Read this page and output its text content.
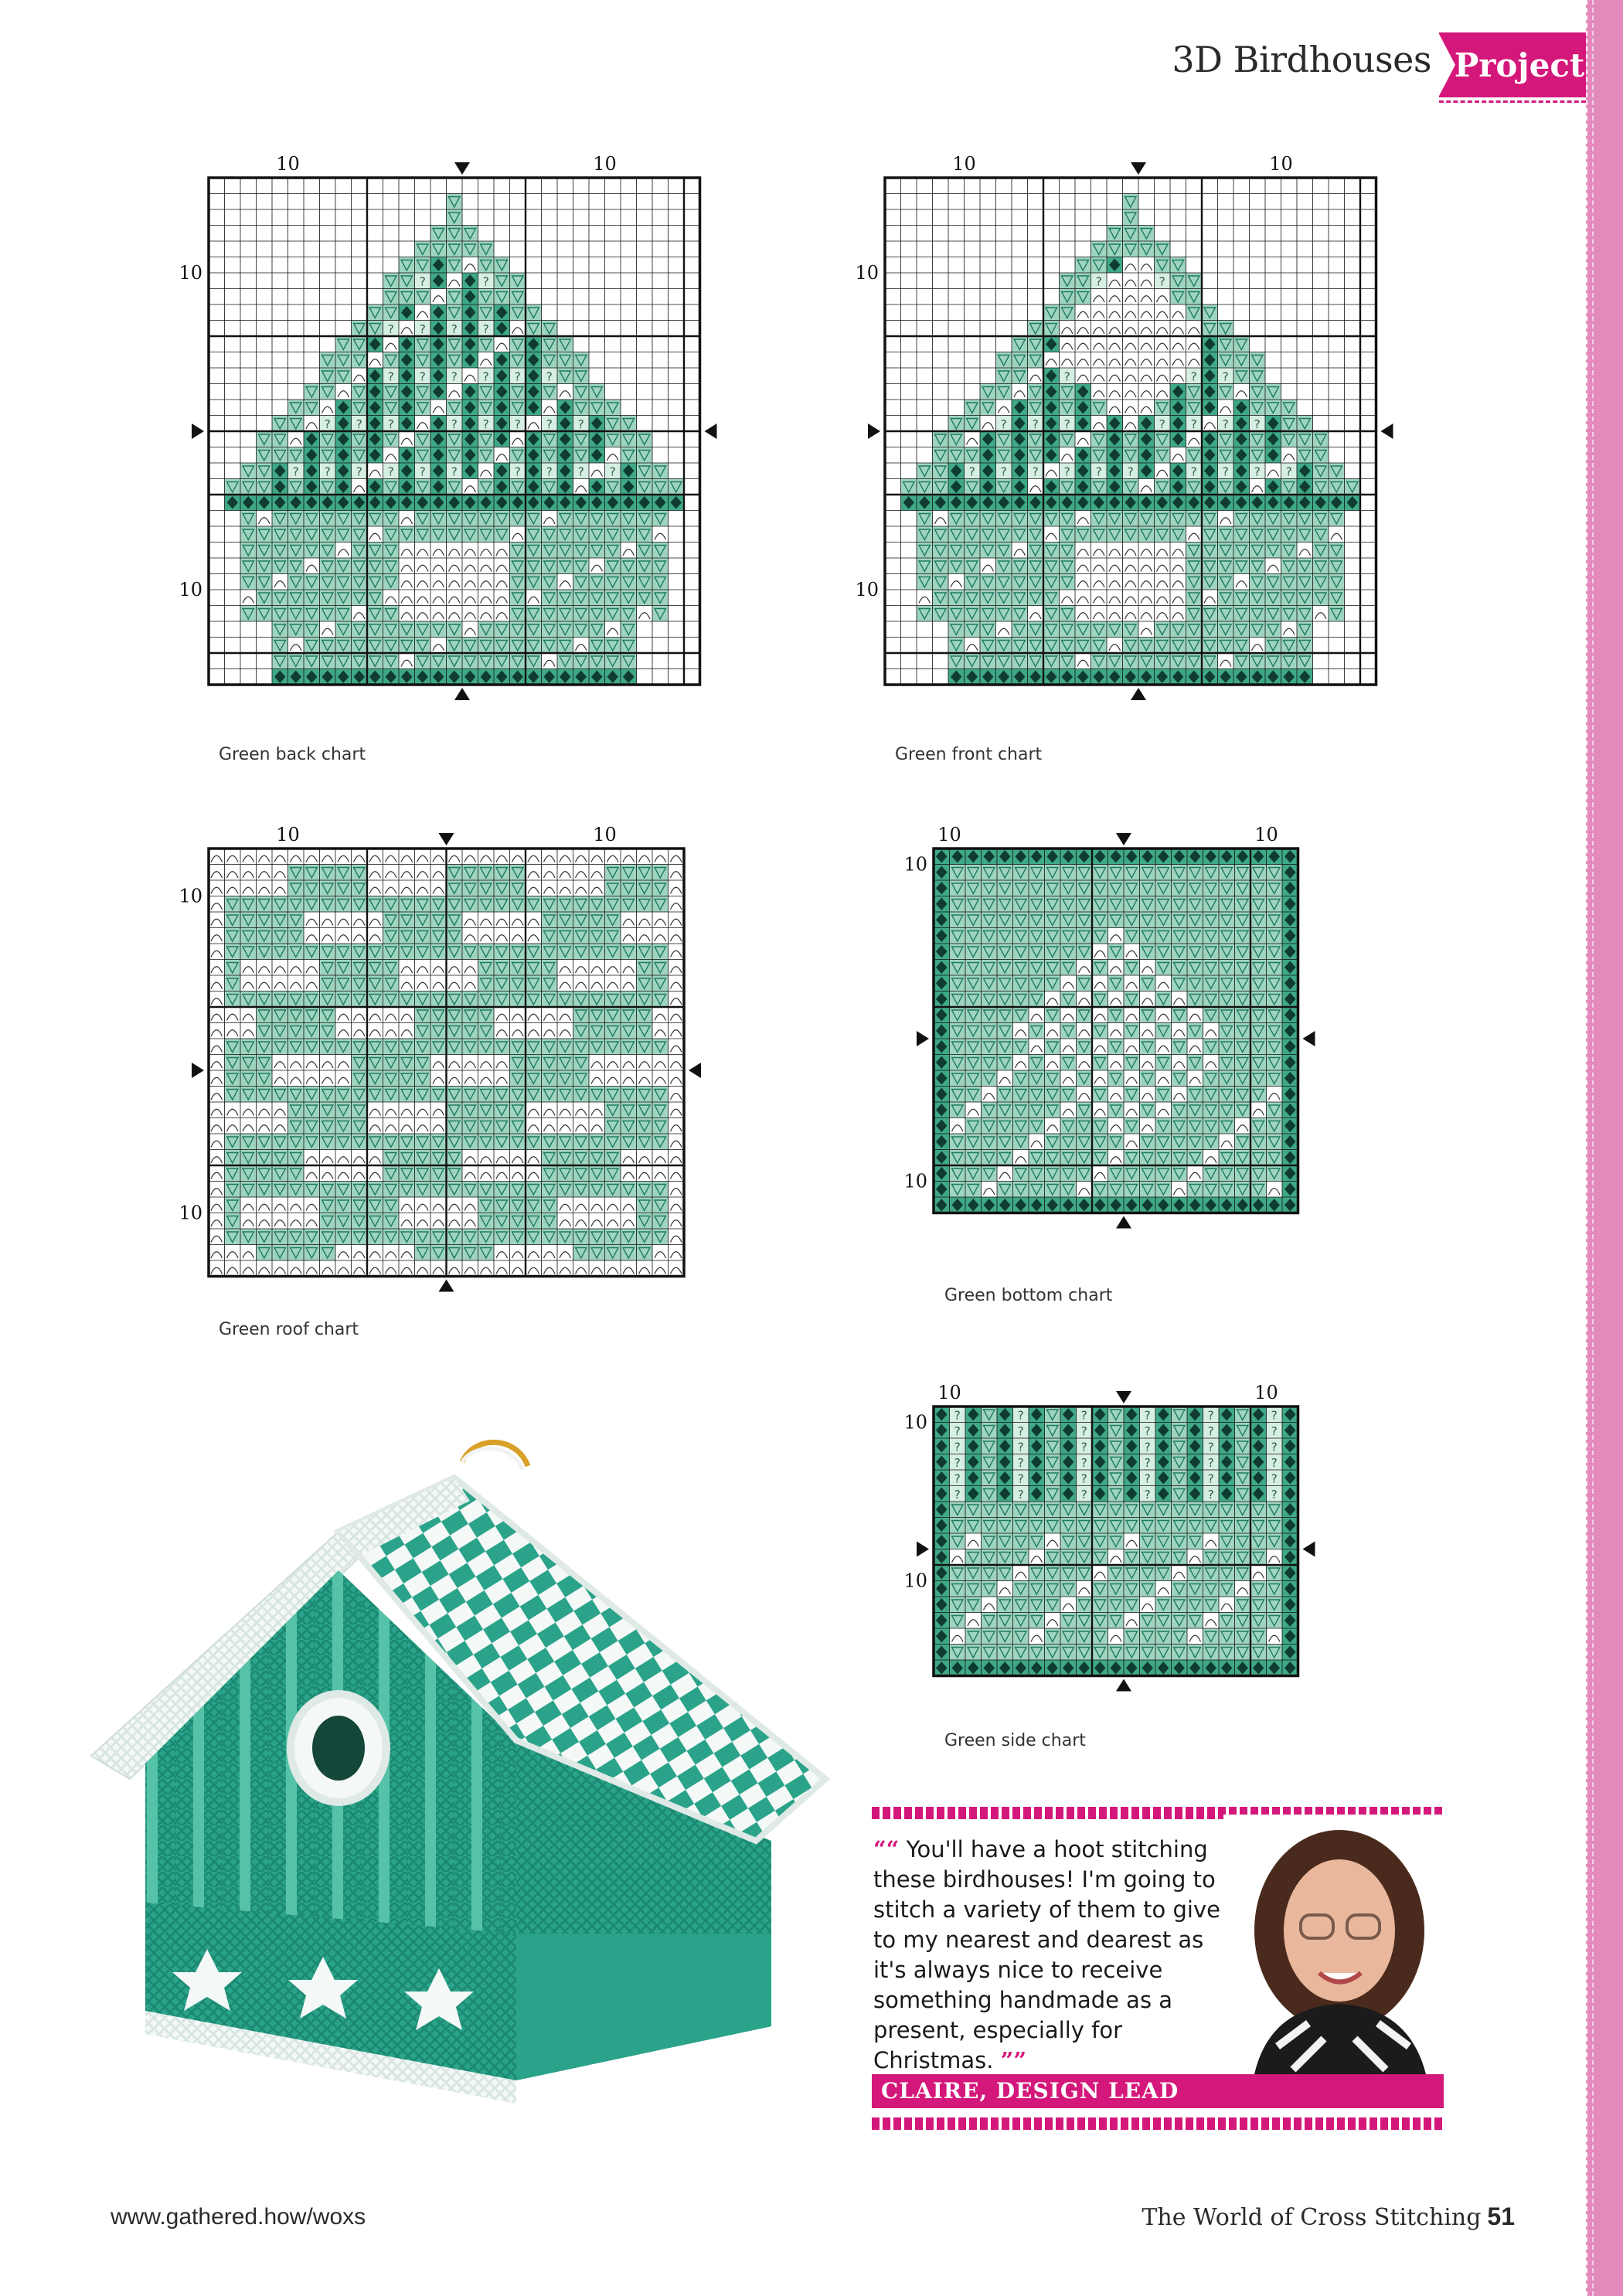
3D Birdhouses Project
?	?
? ? ? ?
? ? ? ? ? ?
? ? ?	? ? ? ? ?
? ? ? ? ? ?	? ? ? ?
10	10
10
10
Green back chart
?	?
?	? ?
? ? ?	? ? ? ?
? ? ? ? ? ?	? ? ? ?
10	10
10
10
Green front chart
10	10
10
10
Green roof chart
10	10
10
10
Green bottom chart
?	?	?	?	?	?
?	?	?	?	?	?
?	?	?	?	?	?
?	?	?	?	?	?
?	?	?	?	?	?
?	?	?	?	?	?
10	10
10
10
Green side chart
““ You'll have a hoot stitching these birdhouses! I'm going to stitch a variety of them to give to my nearest and dearest as it's always nice to receive something handmade as a present, especially for Christmas. ””
CLAIRE, DESIGN LEAD
www.gathered.how/woxs	The World of Cross Stitching 51
